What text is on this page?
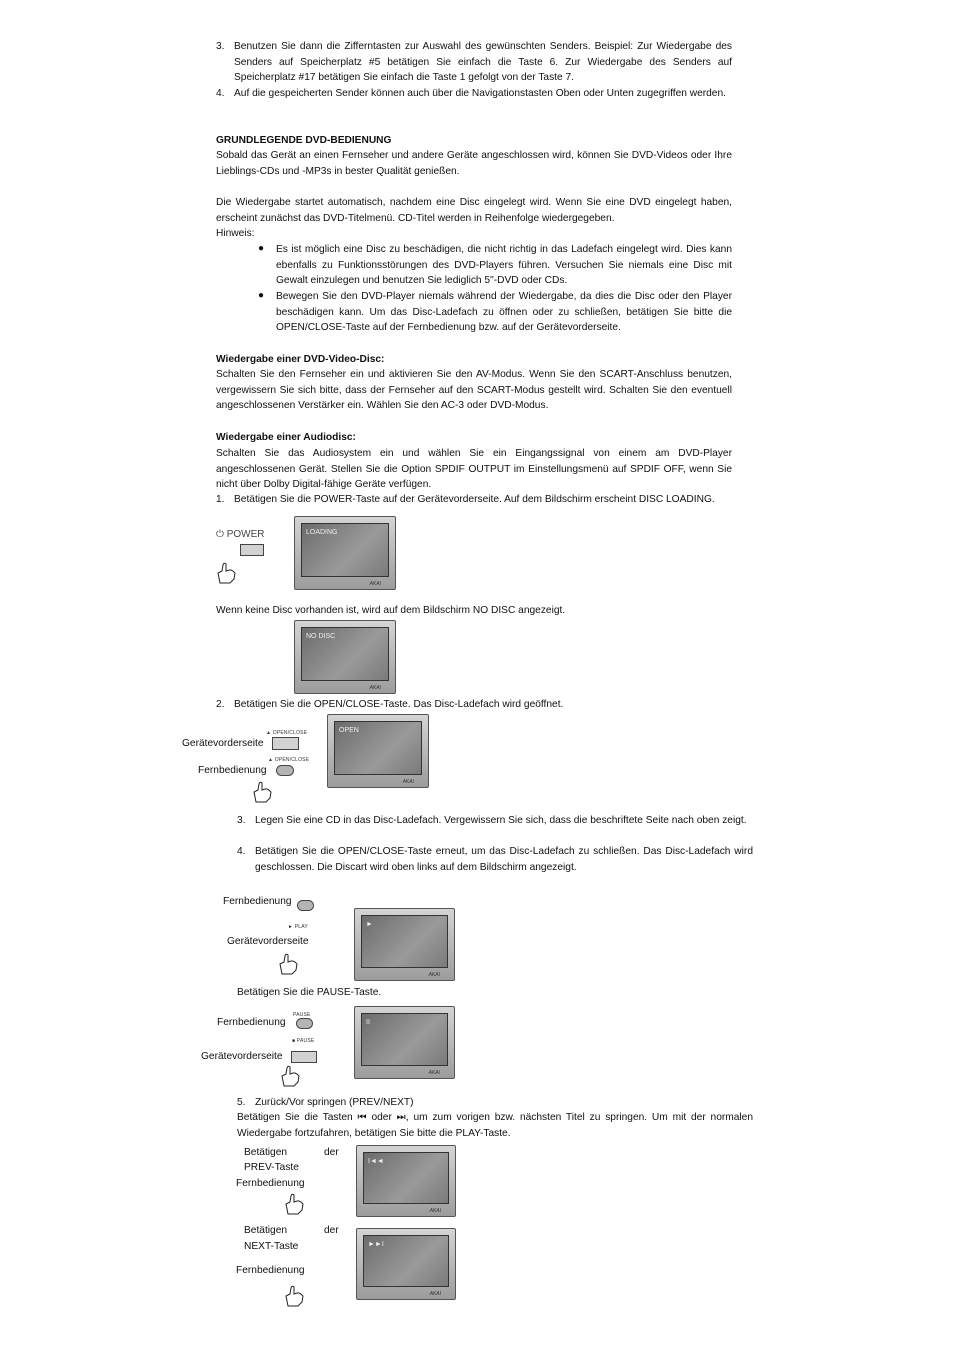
3. Benutzen Sie dann die Zifferntasten zur Auswahl des gewünschten Senders. Beispiel: Zur Wiedergabe des Senders auf Speicherplatz #5 betätigen Sie einfach die Taste 6. Zur Wiedergabe des Senders auf Speicherplatz #17 betätigen Sie einfach die Taste 1 gefolgt von der Taste 7.
4. Auf die gespeicherten Sender können auch über die Navigationstasten Oben oder Unten zugegriffen werden.
GRUNDLEGENDE DVD-BEDIENUNG
Sobald das Gerät an einen Fernseher und andere Geräte angeschlossen wird, können Sie DVD-Videos oder Ihre Lieblings-CDs und -MP3s in bester Qualität genießen.
Die Wiedergabe startet automatisch, nachdem eine Disc eingelegt wird. Wenn Sie eine DVD eingelegt haben, erscheint zunächst das DVD-Titelmenü. CD-Titel werden in Reihenfolge wiedergegeben.
Hinweis:
● Es ist möglich eine Disc zu beschädigen, die nicht richtig in das Ladefach eingelegt wird. Dies kann ebenfalls zu Funktionsstörungen des DVD-Players führen. Versuchen Sie niemals eine Disc mit Gewalt einzulegen und benutzen Sie lediglich 5"-DVD oder CDs.
● Bewegen Sie den DVD-Player niemals während der Wiedergabe, da dies die Disc oder den Player beschädigen kann. Um das Disc-Ladefach zu öffnen oder zu schließen, betätigen Sie bitte die OPEN/CLOSE-Taste auf der Fernbedienung bzw. auf der Gerätevorderseite.
Wiedergabe einer DVD-Video-Disc:
Schalten Sie den Fernseher ein und aktivieren Sie den AV-Modus. Wenn Sie den SCART-Anschluss benutzen, vergewissern Sie sich bitte, dass der Fernseher auf den SCART-Modus gestellt wird. Schalten Sie den eventuell angeschlossenen Verstärker ein. Wählen Sie den AC-3 oder DVD-Modus.
Wiedergabe einer Audiodisc:
Schalten Sie das Audiosystem ein und wählen Sie ein Eingangssignal von einem am DVD-Player angeschlossenen Gerät. Stellen Sie die Option SPDIF OUTPUT im Einstellungsmenü auf SPDIF OFF, wenn Sie nicht über Dolby Digital-fähige Geräte verfügen.
1. Betätigen Sie die POWER-Taste auf der Gerätevorderseite. Auf dem Bildschirm erscheint DISC LOADING.
⏻ POWER	LOADING
AKAI
Wenn keine Disc vorhanden ist, wird auf dem Bildschirm NO DISC angezeigt.
NO DISC
AKAI
2. Betätigen Sie die OPEN/CLOSE-Taste. Das Disc-Ladefach wird geöffnet.
▲ OPEN/CLOSE
Gerätevorderseite
▲ OPEN/CLOSE
Fernbedienung
OPEN
AKAI
3. Legen Sie eine CD in das Disc-Ladefach. Vergewissern Sie sich, dass die beschriftete Seite nach oben zeigt.
4. Betätigen Sie die OPEN/CLOSE-Taste erneut, um das Disc-Ladefach zu schließen. Das Disc-Ladefach wird geschlossen. Die Discart wird oben links auf dem Bildschirm angezeigt.
Fernbedienung
► PLAY
Gerätevorderseite
►
AKAI
Betätigen Sie die PAUSE-Taste.
PAUSE
Fernbedienung
■ PAUSE
Gerätevorderseite
II
AKAI
5. Zurück/Vor springen (PREV/NEXT)
Betätigen Sie die Tasten ⏮ oder ⏭, um zum vorigen bzw. nächsten Titel zu springen. Um mit der normalen Wiedergabe fortzufahren, betätigen Sie bitte die PLAY-Taste.
Betätigen	der
PREV-Taste
Fernbedienung
I◄◄
AKAI
Betätigen	der
NEXT-Taste
Fernbedienung
►►I
AKAI
